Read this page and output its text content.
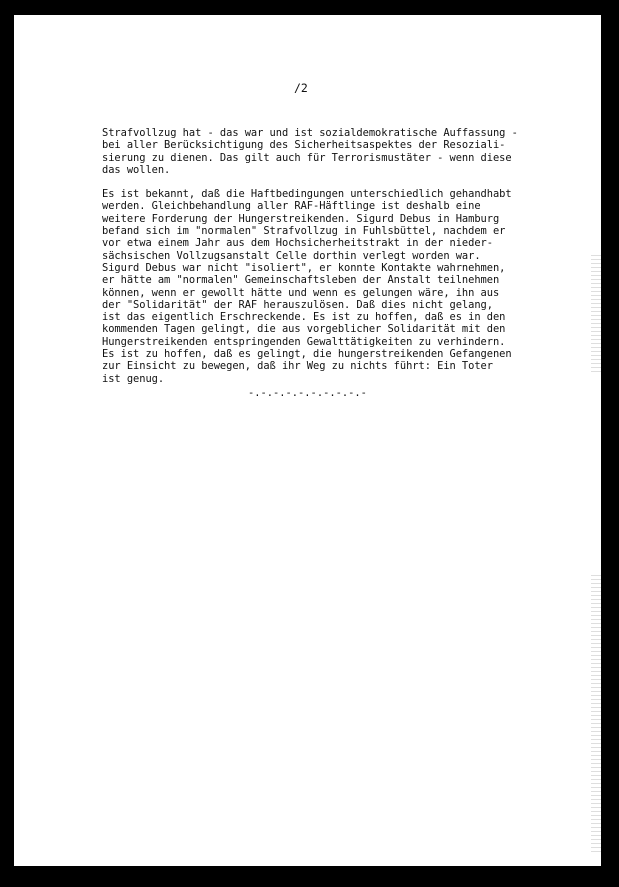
/2

Strafvollzug hat - das war und ist sozialdemokratische Auffassung -
bei aller Berücksichtigung des Sicherheitsaspektes der Resoziali-
sierung zu dienen. Das gilt auch für Terrorismustäter - wenn diese
das wollen.

Es ist bekannt, daß die Haftbedingungen unterschiedlich gehandhabt
werden. Gleichbehandlung aller RAF-Häftlinge ist deshalb eine
weitere Forderung der Hungerstreikenden. Sigurd Debus in Hamburg
befand sich im "normalen" Strafvollzug in Fuhlsbüttel, nachdem er
vor etwa einem Jahr aus dem Hochsicherheitstrakt in der nieder-
sächsischen Vollzugsanstalt Celle dorthin verlegt worden war.
Sigurd Debus war nicht "isoliert", er konnte Kontakte wahrnehmen,
er hätte am "normalen" Gemeinschaftsleben der Anstalt teilnehmen
können, wenn er gewollt hätte und wenn es gelungen wäre, ihn aus
der "Solidarität" der RAF herauszulösen. Daß dies nicht gelang,
ist das eigentlich Erschreckende. Es ist zu hoffen, daß es in den
kommenden Tagen gelingt, die aus vorgeblicher Solidarität mit den
Hungerstreikenden entspringenden Gewalttätigkeiten zu verhindern.
Es ist zu hoffen, daß es gelingt, die hungerstreikenden Gefangenen
zur Einsicht zu bewegen, daß ihr Weg zu nichts führt: Ein Toter
ist genug.

-.-.-.-.-.-.-.-.-.-
